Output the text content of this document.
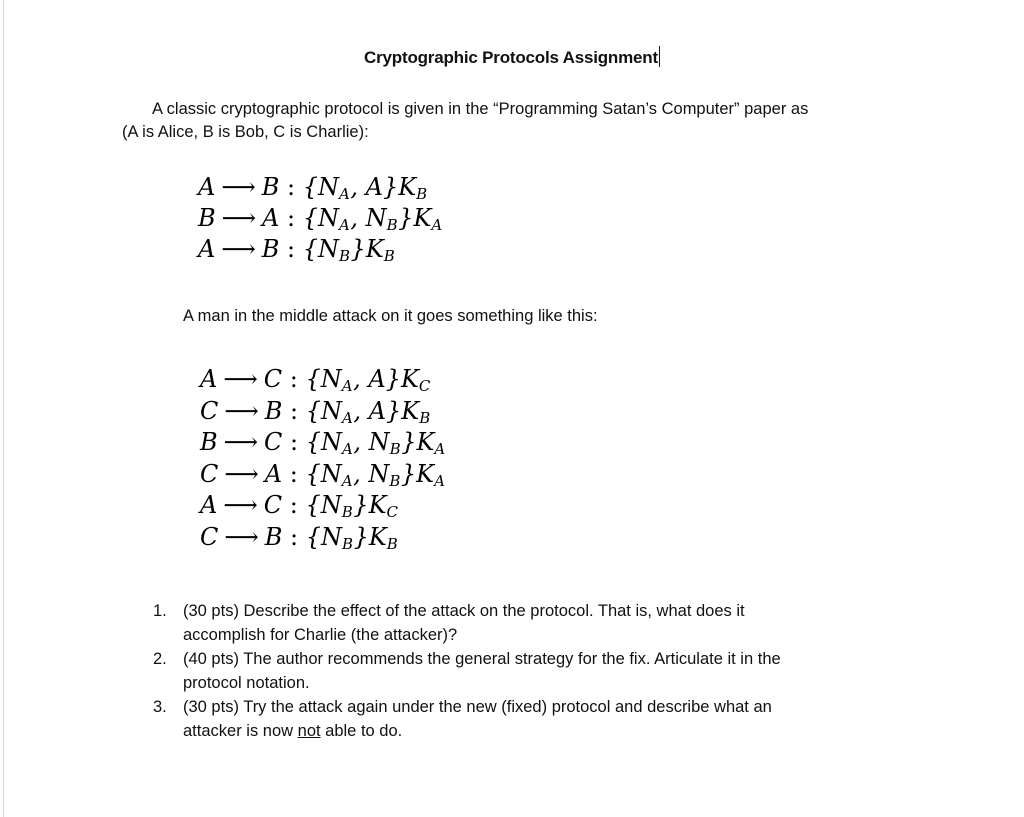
Cryptographic Protocols Assignment
A classic cryptographic protocol is given in the “Programming Satan’s Computer” paper as
(A is Alice, B is Bob, C is Charlie):
A ⟶ B : {$N_A$, $A\}K_B$
B ⟶ A : {$N_A$, $N_B\}K_A$
A ⟶ B : $\{N_B\}K_B$
A man in the middle attack on it goes something like this:
A ⟶ C : {$N_A$, $A\}K_C$
C ⟶ B : {$N_A$, $A\}K_B$
B ⟶ C : {$N_A$, $N_B\}K_A$
C ⟶ A : {$N_A$, $N_B\}K_A$
A ⟶ C : $\{N_B\}K_C$
C ⟶ B : $\{N_B\}K_B$
1. (30 pts) Describe the effect of the attack on the protocol. That is, what does it
accomplish for Charlie (the attacker)?
2. (40 pts) The author recommends the general strategy for the fix. Articulate it in the
protocol notation.
3. (30 pts) Try the attack again under the new (fixed) protocol and describe what an
attacker is now not able to do.
